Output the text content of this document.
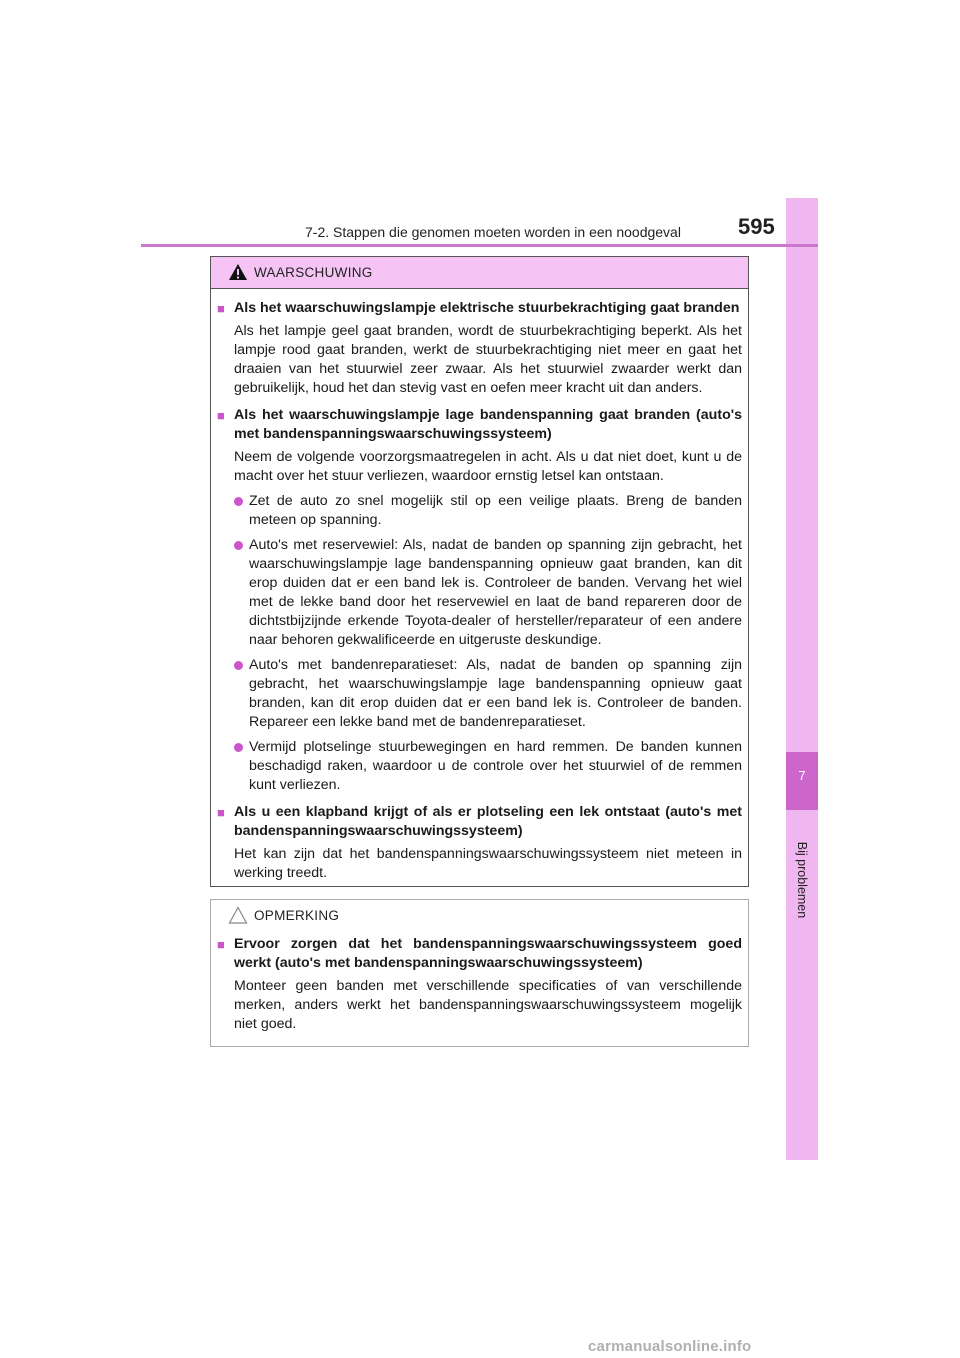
7
Bij problemen
7-2. Stappen die genomen moeten worden in een noodgeval	595
WAARSCHUWING
■ Als het waarschuwingslampje elektrische stuurbekrachtiging gaat branden
Als het lampje geel gaat branden, wordt de stuurbekrachtiging beperkt. Als het lampje rood gaat branden, werkt de stuurbekrachtiging niet meer en gaat het draaien van het stuurwiel zeer zwaar. Als het stuurwiel zwaarder werkt dan gebruikelijk, houd het dan stevig vast en oefen meer kracht uit dan anders.
■ Als het waarschuwingslampje lage bandenspanning gaat branden (auto's met bandenspanningswaarschuwingssysteem)
Neem de volgende voorzorgsmaatregelen in acht. Als u dat niet doet, kunt u de macht over het stuur verliezen, waardoor ernstig letsel kan ontstaan.
Zet de auto zo snel mogelijk stil op een veilige plaats. Breng de banden meteen op spanning.
Auto's met reservewiel: Als, nadat de banden op spanning zijn gebracht, het waarschuwingslampje lage bandenspanning opnieuw gaat branden, kan dit erop duiden dat er een band lek is. Controleer de banden. Vervang het wiel met de lekke band door het reservewiel en laat de band repareren door de dichtstbijzijnde erkende Toyota-dealer of hersteller/reparateur of een andere naar behoren gekwalificeerde en uitgeruste deskundige.
Auto's met bandenreparatieset: Als, nadat de banden op spanning zijn gebracht, het waarschuwingslampje lage bandenspanning opnieuw gaat branden, kan dit erop duiden dat er een band lek is. Controleer de banden. Repareer een lekke band met de bandenreparatieset.
Vermijd plotselinge stuurbewegingen en hard remmen. De banden kunnen beschadigd raken, waardoor u de controle over het stuurwiel of de remmen kunt verliezen.
■ Als u een klapband krijgt of als er plotseling een lek ontstaat (auto's met bandenspanningswaarschuwingssysteem)
Het kan zijn dat het bandenspanningswaarschuwingssysteem niet meteen in werking treedt.
OPMERKING
■ Ervoor zorgen dat het bandenspanningswaarschuwingssysteem goed werkt (auto's met bandenspanningswaarschuwingssysteem)
Monteer geen banden met verschillende specificaties of van verschillende merken, anders werkt het bandenspanningswaarschuwingssysteem mogelijk niet goed.
carmanualsonline.info
